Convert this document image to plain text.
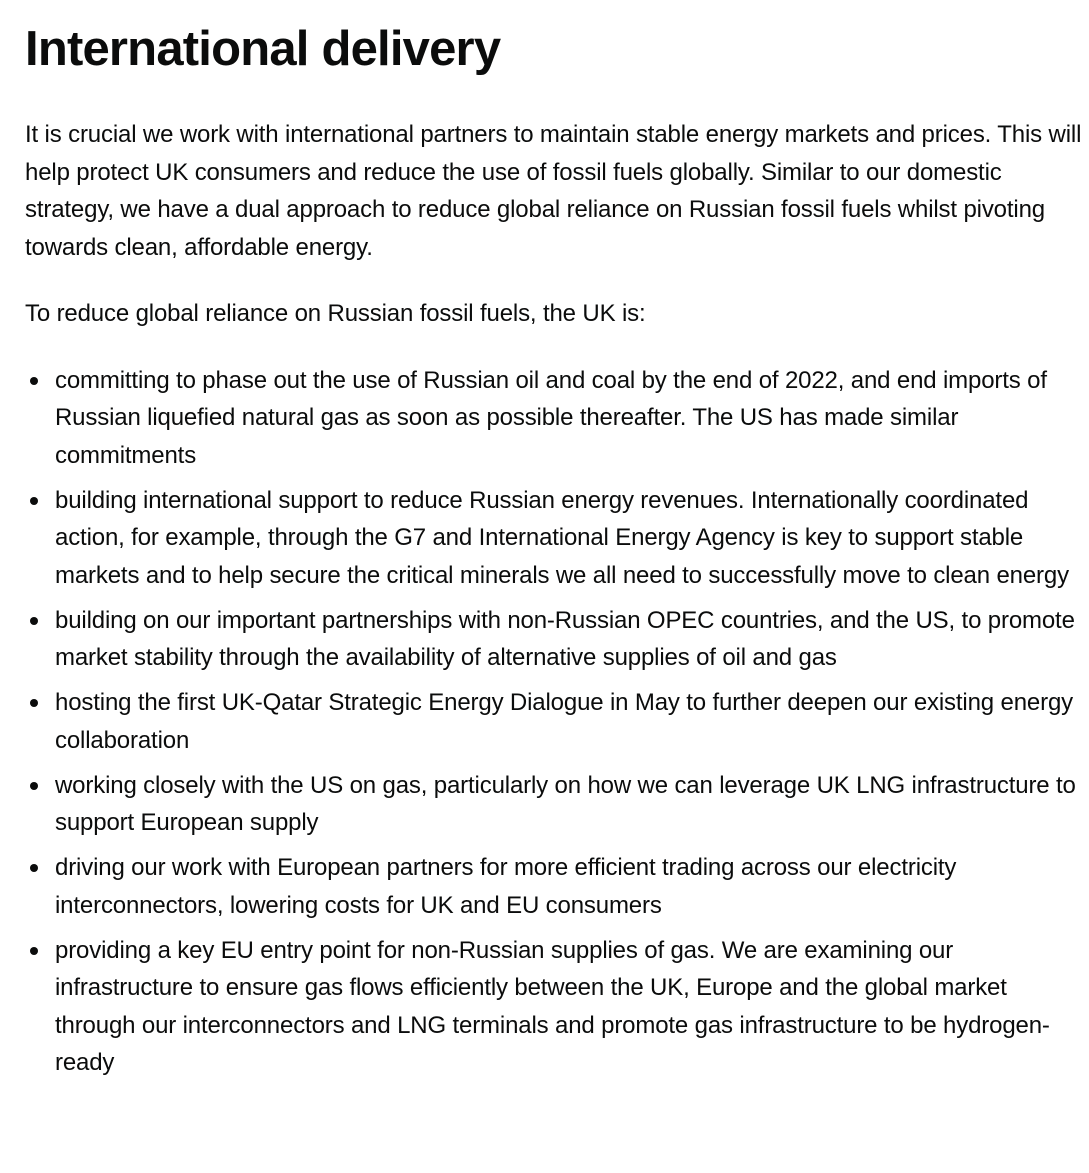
International delivery

It is crucial we work with international partners to maintain stable energy markets and prices. This will help protect UK consumers and reduce the use of fossil fuels globally. Similar to our domestic strategy, we have a dual approach to reduce global reliance on Russian fossil fuels whilst pivoting towards clean, affordable energy.

To reduce global reliance on Russian fossil fuels, the UK is:

committing to phase out the use of Russian oil and coal by the end of 2022, and end imports of Russian liquefied natural gas as soon as possible thereafter. The US has made similar commitments
building international support to reduce Russian energy revenues. Internationally coordinated action, for example, through the G7 and International Energy Agency is key to support stable markets and to help secure the critical minerals we all need to successfully move to clean energy
building on our important partnerships with non-Russian OPEC countries, and the US, to promote market stability through the availability of alternative supplies of oil and gas
hosting the first UK-Qatar Strategic Energy Dialogue in May to further deepen our existing energy collaboration
working closely with the US on gas, particularly on how we can leverage UK LNG infrastructure to support European supply
driving our work with European partners for more efficient trading across our electricity interconnectors, lowering costs for UK and EU consumers
providing a key EU entry point for non-Russian supplies of gas. We are examining our infrastructure to ensure gas flows efficiently between the UK, Europe and the global market through our interconnectors and LNG terminals and promote gas infrastructure to be hydrogen-ready
